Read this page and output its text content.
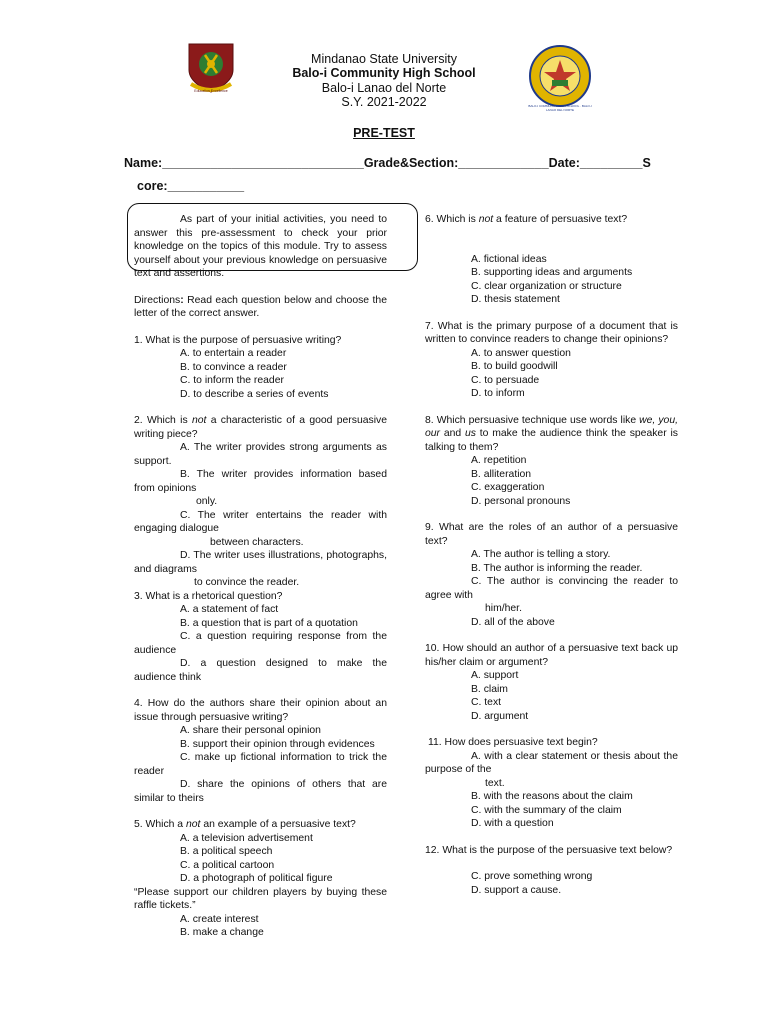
Education Excellence
BALO-I COMMUNITY HIGH SCHOOL · BALO-I LANAO DEL NORTE
Mindanao State University
Balo-i Community High School
Balo-i Lanao del Norte
S.Y. 2021-2022
PRE-TEST
Name:_____________________________Grade&Section:_____________Date:_________S
core:___________

As part of your initial activities, you need to answer this pre-assessment to check your prior knowledge on the topics of this module. Try to assess yourself about your previous knowledge on persuasive text and assertions.

Directions: Read each question below and choose the letter of the correct answer.

1. What is the purpose of persuasive writing?

A. to entertain a reader
B. to convince a reader
C. to inform the reader
D. to describe a series of events

2. Which is not a characteristic of a good persuasive writing piece?

A. The writer provides strong arguments as support.

B. The writer provides information based from opinions

only.

C. The writer entertains the reader with engaging dialogue

between characters.

D. The writer uses illustrations, photographs, and diagrams

to convince the reader.

3. What is a rhetorical question?

A. a statement of fact
B. a question that is part of a quotation

C. a question requiring response from the audience

D. a question designed to make the audience think

4. How do the authors share their opinion about an issue through persuasive writing?

A. share their personal opinion

B. support their opinion through evidences

C. make up fictional information to trick the reader

D. share the opinions of others that are similar to theirs

5. Which a not an example of a persuasive text?

A. a television advertisement
B. a political speech
C. a political cartoon
D. a photograph of political figure

“Please support our children players by buying these raffle tickets.”

A. create interest
B. make a change

6. Which is not a feature of persuasive text?

A. fictional ideas
B. supporting ideas and arguments
C. clear organization or structure
D. thesis statement

7. What is the primary purpose of a document that is written to convince readers to change their opinions?

A. to answer question
B. to build goodwill
C. to persuade
D. to inform

8. Which persuasive technique use words like we, you, our and us to make the audience think the speaker is talking to them?

A. repetition
B. alliteration
C. exaggeration
D. personal pronouns

9. What are the roles of an author of a persuasive text?

A. The author is telling a story.
B. The author is informing the reader.

C. The author is convincing the reader to agree with

him/her.
D. all of the above

10. How should an author of a persuasive text back up his/her claim or argument?

A. support
B. claim
C. text
D. argument

11. How does persuasive text begin?

A. with a clear statement or thesis about the purpose of the

text.
B. with the reasons about the claim
C. with the summary of the claim
D. with a question

12. What is the purpose of the persuasive text below?

C. prove something wrong
D. support a cause.
